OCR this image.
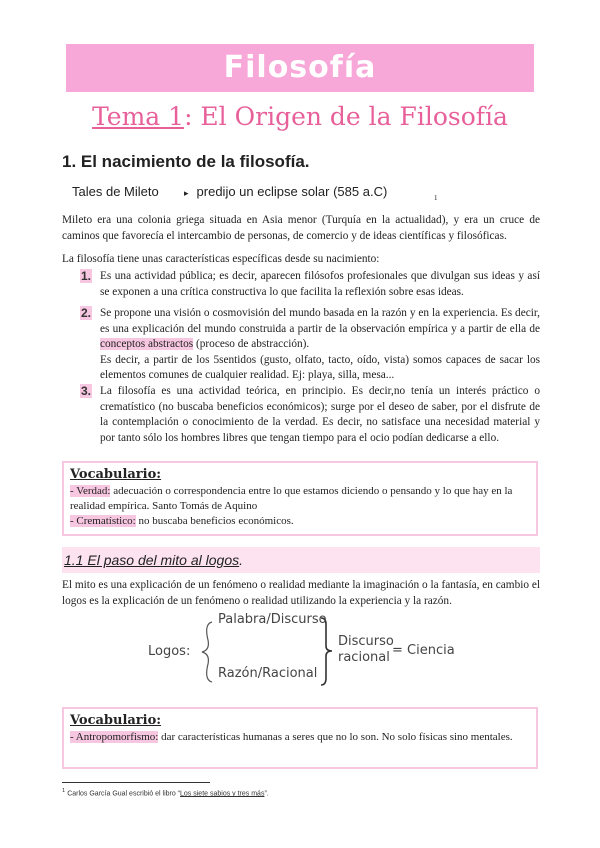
Filosofía
Tema 1: El Origen de la Filosofía
1. El nacimiento de la filosofía.
Tales de Mileto	▸ predijo un eclipse solar (585 a.C)	1
Mileto era una colonia griega situada en Asia menor (Turquía en la actualidad), y era un cruce de caminos que favorecía el intercambio de personas, de comercio y de ideas científicas y filosóficas.
La filosofía tiene unas características específicas desde su nacimiento:
1. Es una actividad pública; es decir, aparecen filósofos profesionales que divulgan sus ideas y así se exponen a una crítica constructiva lo que facilita la reflexión sobre esas ideas.
2. Se propone una visión o cosmovisión del mundo basada en la razón y en la experiencia. Es decir, es una explicación del mundo construida a partir de la observación empírica y a partir de ella de conceptos abstractos (proceso de abstracción).
Es decir, a partir de los 5sentidos (gusto, olfato, tacto, oído, vista) somos capaces de sacar los elementos comunes de cualquier realidad. Ej: playa, silla, mesa...
3. La filosofía es una actividad teórica, en principio. Es decir,no tenía un interés práctico o crematístico (no buscaba beneficios económicos); surge por el deseo de saber, por el disfrute de la contemplación o conocimiento de la verdad. Es decir, no satisface una necesidad material y por tanto sólo los hombres libres que tengan tiempo para el ocio podían dedicarse a ello.
Vocabulario:
- Verdad: adecuación o correspondencia entre lo que estamos diciendo o pensando y lo que hay en la realidad empírica. Santo Tomás de Aquino
- Crematístico: no buscaba beneficios económicos.
1.1 El paso del mito al logos.
El mito es una explicación de un fenómeno o realidad mediante la imaginación o la fantasía, en cambio el logos es la explicación de un fenómeno o realidad utilizando la experiencia y la razón.
Logos:
Palabra/Discurso
Razón/Racional
Discurso
racional = Ciencia
Vocabulario:
- Antropomorfismo: dar características humanas a seres que no lo son. No solo físicas sino mentales.
$^1$ Carlos García Gual escribió el libro “Los siete sabios y tres más”.
